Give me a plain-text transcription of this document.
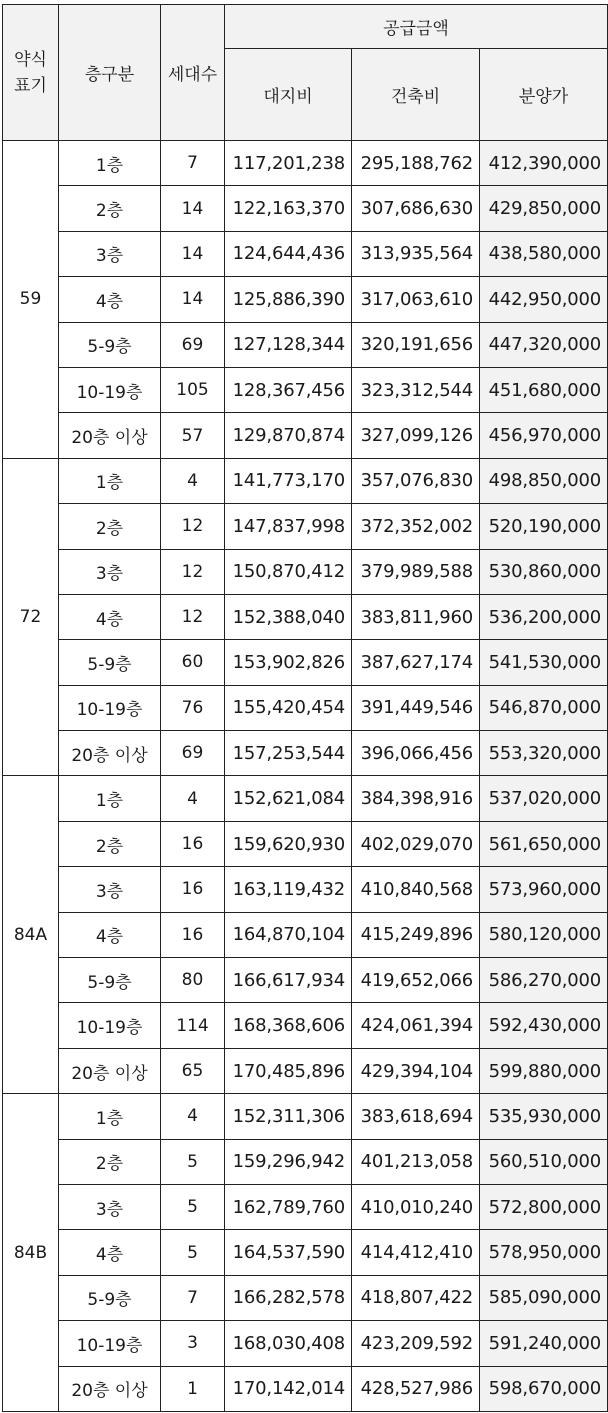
약식
표기	층구분	세대수	공급금액		
			대지비	건축비	분양가
59	1층	7	117,201,238	295,188,762	412,390,000
	2층	14	122,163,370	307,686,630	429,850,000
	3층	14	124,644,436	313,935,564	438,580,000
	4층	14	125,886,390	317,063,610	442,950,000
	5-9층	69	127,128,344	320,191,656	447,320,000
	10-19층	105	128,367,456	323,312,544	451,680,000
	20층 이상	57	129,870,874	327,099,126	456,970,000
72	1층	4	141,773,170	357,076,830	498,850,000
	2층	12	147,837,998	372,352,002	520,190,000
	3층	12	150,870,412	379,989,588	530,860,000
	4층	12	152,388,040	383,811,960	536,200,000
	5-9층	60	153,902,826	387,627,174	541,530,000
	10-19층	76	155,420,454	391,449,546	546,870,000
	20층 이상	69	157,253,544	396,066,456	553,320,000
84A	1층	4	152,621,084	384,398,916	537,020,000
	2층	16	159,620,930	402,029,070	561,650,000
	3층	16	163,119,432	410,840,568	573,960,000
	4층	16	164,870,104	415,249,896	580,120,000
	5-9층	80	166,617,934	419,652,066	586,270,000
	10-19층	114	168,368,606	424,061,394	592,430,000
	20층 이상	65	170,485,896	429,394,104	599,880,000
84B	1층	4	152,311,306	383,618,694	535,930,000
	2층	5	159,296,942	401,213,058	560,510,000
	3층	5	162,789,760	410,010,240	572,800,000
	4층	5	164,537,590	414,412,410	578,950,000
	5-9층	7	166,282,578	418,807,422	585,090,000
	10-19층	3	168,030,408	423,209,592	591,240,000
	20층 이상	1	170,142,014	428,527,986	598,670,000
